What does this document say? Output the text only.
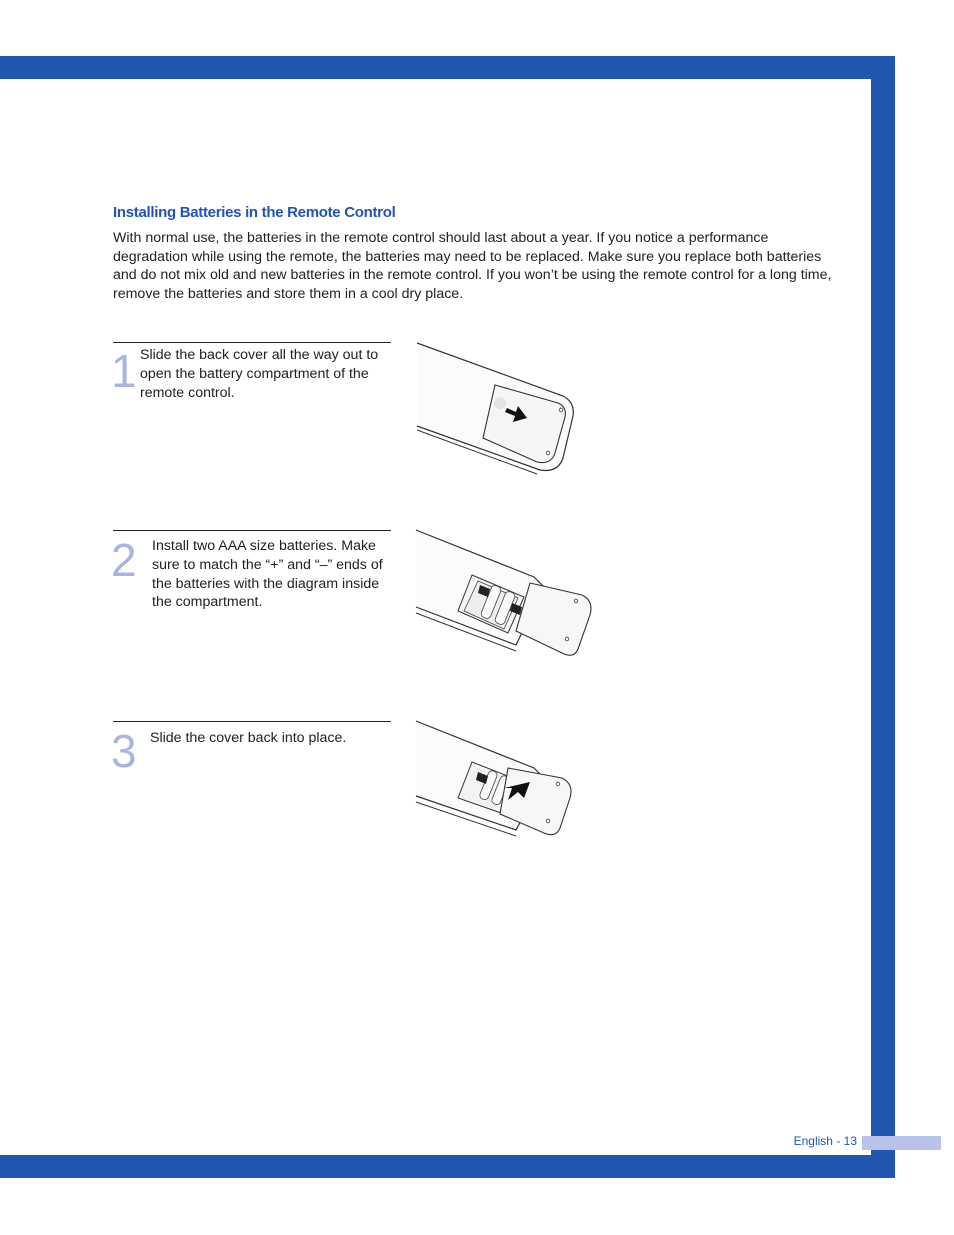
Installing Batteries in the Remote Control
With normal use, the batteries in the remote control should last about a year. If you notice a performance degradation while using the remote, the batteries may need to be replaced. Make sure you replace both batteries and do not mix old and new batteries in the remote control. If you won’t be using the remote control for a long time, remove the batteries and store them in a cool dry place.
1 Slide the back cover all the way out to open the battery compartment of the remote control.
2 Install two AAA size batteries. Make sure to match the “+” and “–” ends of the batteries with the diagram inside the compartment.
3 Slide the cover back into place.
English - 13
